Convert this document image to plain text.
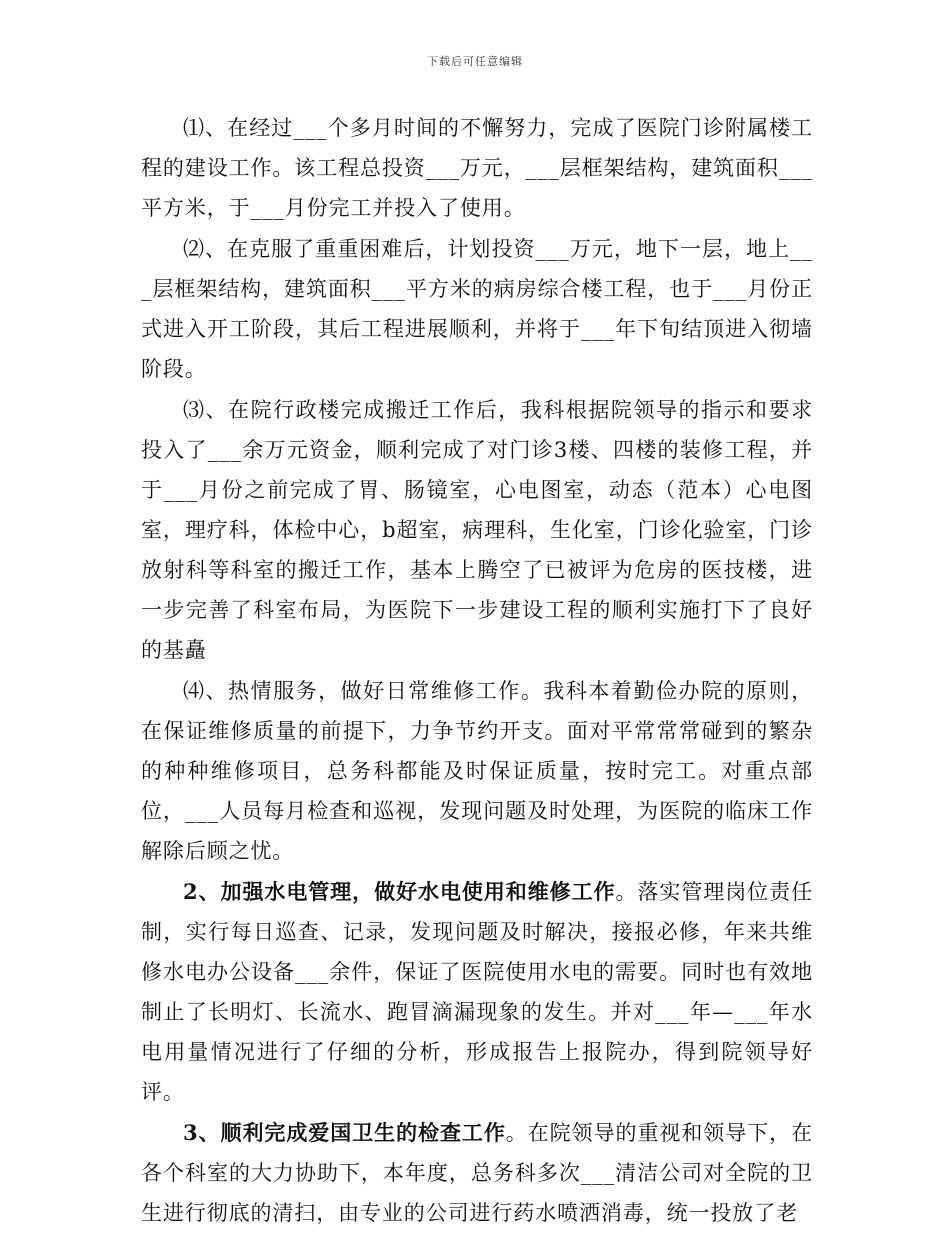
下载后可任意编辑

⑴、在经过___个多月时间的不懈努力，完成了医院门诊附属楼工程的建设工作。该工程总投资___万元，___层框架结构，建筑面积___平方米，于___月份完工并投入了使用。

⑵、在克服了重重困难后，计划投资___万元，地下一层，地上___层框架结构，建筑面积___平方米的病房综合楼工程，也于___月份正式进入开工阶段，其后工程进展顺利，并将于___年下旬结顶进入彻墙阶段。

⑶、在院行政楼完成搬迁工作后，我科根据院领导的指示和要求投入了___余万元资金，顺利完成了对门诊3楼、四楼的装修工程，并于___月份之前完成了胃、肠镜室，心电图室，动态（范本）心电图室，理疗科，体检中心，b超室，病理科，生化室，门诊化验室，门诊放射科等科室的搬迁工作，基本上腾空了已被评为危房的医技楼，进一步完善了科室布局，为医院下一步建设工程的顺利实施打下了良好的基矗

⑷、热情服务，做好日常维修工作。我科本着勤俭办院的原则，在保证维修质量的前提下，力争节约开支。面对平常常常碰到的繁杂的种种维修项目，总务科都能及时保证质量，按时完工。对重点部位，___人员每月检查和巡视，发现问题及时处理，为医院的临床工作解除后顾之忧。

2、加强水电管理，做好水电使用和维修工作。落实管理岗位责任制，实行每日巡查、记录，发现问题及时解决，接报必修，年来共维修水电办公设备___余件，保证了医院使用水电的需要。同时也有效地制止了长明灯、长流水、跑冒滴漏现象的发生。并对___年—___年水电用量情况进行了仔细的分析，形成报告上报院办，得到院领导好评。

3、顺利完成爱国卫生的检查工作。在院领导的重视和领导下，在各个科室的大力协助下，本年度，总务科多次___清洁公司对全院的卫生进行彻底的清扫，由专业的公司进行药水喷洒消毒，统一投放了老
